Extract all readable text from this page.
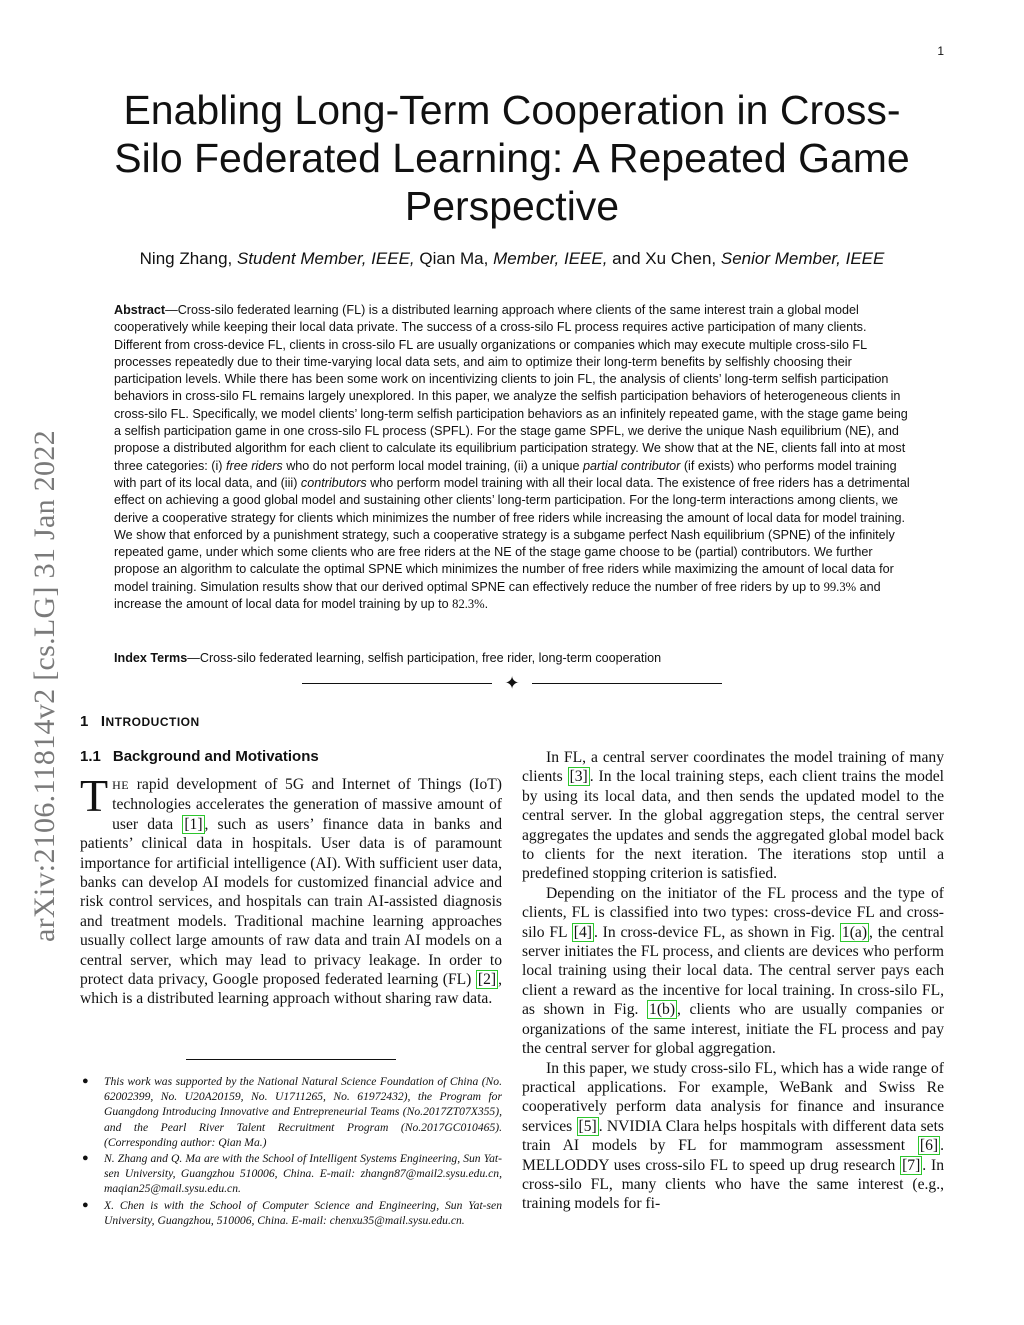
1
arXiv:2106.11814v2 [cs.LG] 31 Jan 2022
Enabling Long-Term Cooperation in Cross-Silo Federated Learning: A Repeated Game Perspective
Ning Zhang, Student Member, IEEE, Qian Ma, Member, IEEE, and Xu Chen, Senior Member, IEEE

Abstract—Cross-silo federated learning (FL) is a distributed learning approach where clients of the same interest train a global model cooperatively while keeping their local data private. The success of a cross-silo FL process requires active participation of many clients. Different from cross-device FL, clients in cross-silo FL are usually organizations or companies which may execute multiple cross-silo FL processes repeatedly due to their time-varying local data sets, and aim to optimize their long-term benefits by selfishly choosing their participation levels. While there has been some work on incentivizing clients to join FL, the analysis of clients’ long-term selfish participation behaviors in cross-silo FL remains largely unexplored. In this paper, we analyze the selfish participation behaviors of heterogeneous clients in cross-silo FL. Specifically, we model clients’ long-term selfish participation behaviors as an infinitely repeated game, with the stage game being a selfish participation game in one cross-silo FL process (SPFL). For the stage game SPFL, we derive the unique Nash equilibrium (NE), and propose a distributed algorithm for each client to calculate its equilibrium participation strategy. We show that at the NE, clients fall into at most three categories: (i) free riders who do not perform local model training, (ii) a unique partial contributor (if exists) who performs model training with part of its local data, and (iii) contributors who perform model training with all their local data. The existence of free riders has a detrimental effect on achieving a good global model and sustaining other clients’ long-term participation. For the long-term interactions among clients, we derive a cooperative strategy for clients which minimizes the number of free riders while increasing the amount of local data for model training. We show that enforced by a punishment strategy, such a cooperative strategy is a subgame perfect Nash equilibrium (SPNE) of the infinitely repeated game, under which some clients who are free riders at the NE of the stage game choose to be (partial) contributors. We further propose an algorithm to calculate the optimal SPNE which minimizes the number of free riders while maximizing the amount of local data for model training. Simulation results show that our derived optimal SPNE can effectively reduce the number of free riders by up to 99.3% and increase the amount of local data for model training by up to 82.3%.

Index Terms—Cross-silo federated learning, selfish participation, free rider, long-term cooperation

✦
1 INTRODUCTION
1.1 Background and Motivations

THE rapid development of 5G and Internet of Things (IoT) technologies accelerates the generation of massive amount of user data [1] , such as users’ finance data in banks and patients’ clinical data in hospitals. User data is of paramount importance for artificial intelligence (AI). With sufficient user data, banks can develop AI models for customized financial advice and risk control services, and hospitals can train AI-assisted diagnosis and treatment models. Traditional machine learning approaches usually collect large amounts of raw data and train AI models on a central server, which may lead to privacy leakage. In order to protect data privacy, Google proposed federated learning (FL) [2] , which is a distributed learning approach without sharing raw data.

● This work was supported by the National Natural Science Foundation of China (No. 62002399, No. U20A20159, No. U1711265, No. 61972432), the Program for Guangdong Introducing Innovative and Entrepreneurial Teams (No.2017ZT07X355), and the Pearl River Talent Recruitment Program (No.2017GC010465). (Corresponding author: Qian Ma.)
● N. Zhang and Q. Ma are with the School of Intelligent Systems Engineering, Sun Yat-sen University, Guangzhou 510006, China. E-mail: zhangn87@mail2.sysu.edu.cn, maqian25@mail.sysu.edu.cn.
● X. Chen is with the School of Computer Science and Engineering, Sun Yat-sen University, Guangzhou, 510006, China. E-mail: chenxu35@mail.sysu.edu.cn.

In FL, a central server coordinates the model training of many clients [3] . In the local training steps, each client trains the model by using its local data, and then sends the updated model to the central server. In the global aggregation steps, the central server aggregates the updates and sends the aggregated global model back to clients for the next iteration. The iterations stop until a predefined stopping criterion is satisfied.

Depending on the initiator of the FL process and the type of clients, FL is classified into two types: cross-device FL and cross-silo FL [4] . In cross-device FL, as shown in Fig. 1(a) , the central server initiates the FL process, and clients are devices who perform local training using their local data. The central server pays each client a reward as the incentive for local training. In cross-silo FL, as shown in Fig. 1(b) , clients who are usually companies or organizations of the same interest, initiate the FL process and pay the central server for global aggregation.

In this paper, we study cross-silo FL, which has a wide range of practical applications. For example, WeBank and Swiss Re cooperatively perform data analysis for finance and insurance services [5] . NVIDIA Clara helps hospitals with different data sets train AI models by FL for mammogram assessment [6] . MELLODDY uses cross-silo FL to speed up drug research [7] . In cross-silo FL, many clients who have the same interest (e.g., training models for fi-
